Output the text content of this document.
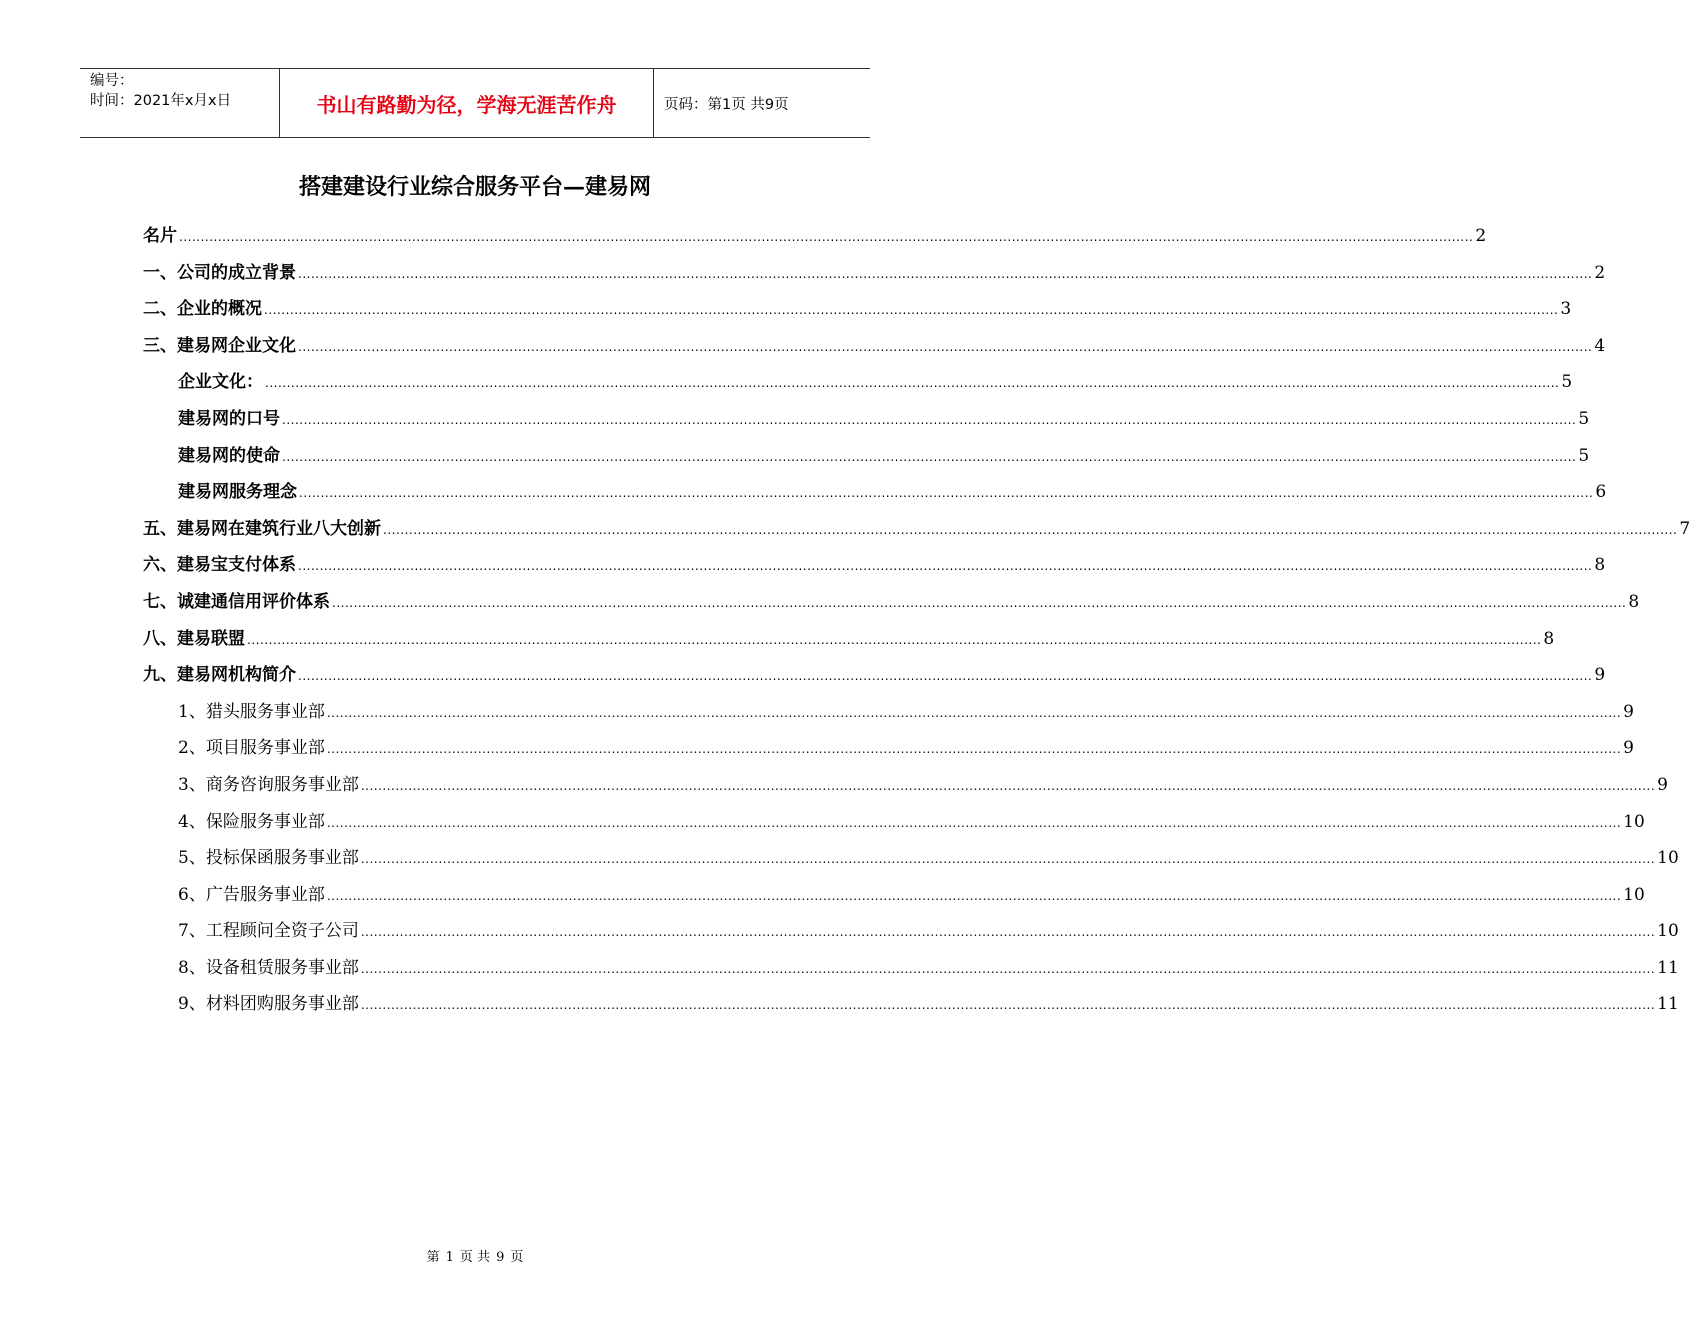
编号：
时间：2021年x月x日	书山有路勤为径，学海无涯苦作舟	页码：第1页 共9页
搭建建设行业综合服务平台—建易网
名片 ............................................................................................................................................................................................................................................................................................................ 2
一、公司的成立背景 ............................................................................................................................................................................................................................................................................................................ 2
二、企业的概况 ............................................................................................................................................................................................................................................................................................................ 3
三、建易网企业文化 ............................................................................................................................................................................................................................................................................................................ 4
企业文化： ............................................................................................................................................................................................................................................................................................................ 5
建易网的口号 ............................................................................................................................................................................................................................................................................................................ 5
建易网的使命 ............................................................................................................................................................................................................................................................................................................ 5
建易网服务理念 ............................................................................................................................................................................................................................................................................................................ 6
五、建易网在建筑行业八大创新 ............................................................................................................................................................................................................................................................................................................ 7
六、建易宝支付体系 ............................................................................................................................................................................................................................................................................................................ 8
七、诚建通信用评价体系 ............................................................................................................................................................................................................................................................................................................ 8
八、建易联盟 ............................................................................................................................................................................................................................................................................................................ 8
九、建易网机构简介 ............................................................................................................................................................................................................................................................................................................ 9
1、猎头服务事业部 ............................................................................................................................................................................................................................................................................................................ 9
2、项目服务事业部 ............................................................................................................................................................................................................................................................................................................ 9
3、商务咨询服务事业部 ............................................................................................................................................................................................................................................................................................................ 9
4、保险服务事业部 ............................................................................................................................................................................................................................................................................................................ 10
5、投标保函服务事业部 ............................................................................................................................................................................................................................................................................................................ 10
6、广告服务事业部 ............................................................................................................................................................................................................................................................................................................ 10
7、工程顾问全资子公司 ............................................................................................................................................................................................................................................................................................................ 10
8、设备租赁服务事业部 ............................................................................................................................................................................................................................................................................................................ 11
9、材料团购服务事业部 ............................................................................................................................................................................................................................................................................................................ 11
第 1 页 共 9 页
